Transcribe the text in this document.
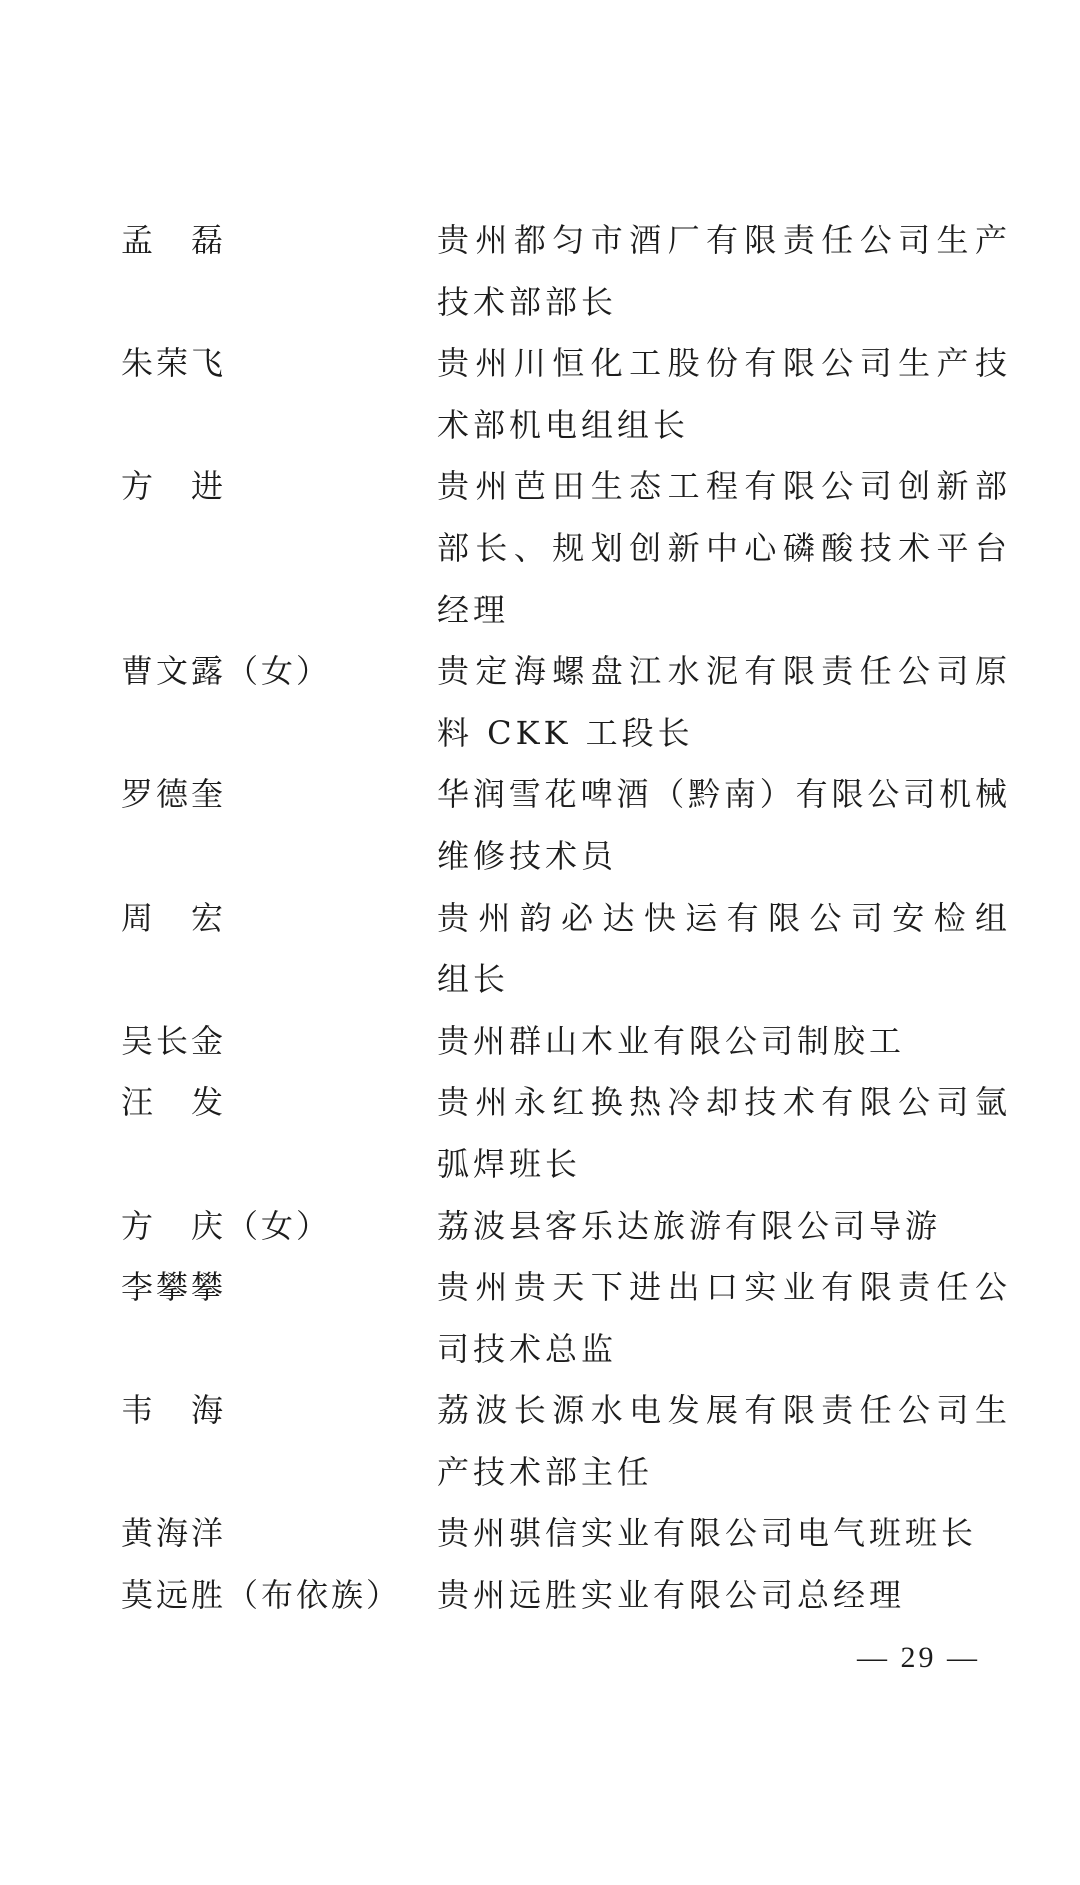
孟　磊	贵州都匀市酒厂有限责任公司生产
技术部部长
朱荣飞	贵州川恒化工股份有限公司生产技
术部机电组组长
方　进	贵州芭田生态工程有限公司创新部
部长、规划创新中心磷酸技术平台
经理
曹文露（女）	贵定海螺盘江水泥有限责任公司原
料 CKK 工段长
罗德奎	华润雪花啤酒（黔南）有限公司机械
维修技术员
周　宏	贵州韵必达快运有限公司安检组
组长
吴长金	贵州群山木业有限公司制胶工
汪　发	贵州永红换热冷却技术有限公司氩
弧焊班长
方　庆（女）	荔波县客乐达旅游有限公司导游
李攀攀	贵州贵天下进出口实业有限责任公
司技术总监
韦　海	荔波长源水电发展有限责任公司生
产技术部主任
黄海洋	贵州骐信实业有限公司电气班班长
莫远胜（布依族）	贵州远胜实业有限公司总经理
— 29 —
